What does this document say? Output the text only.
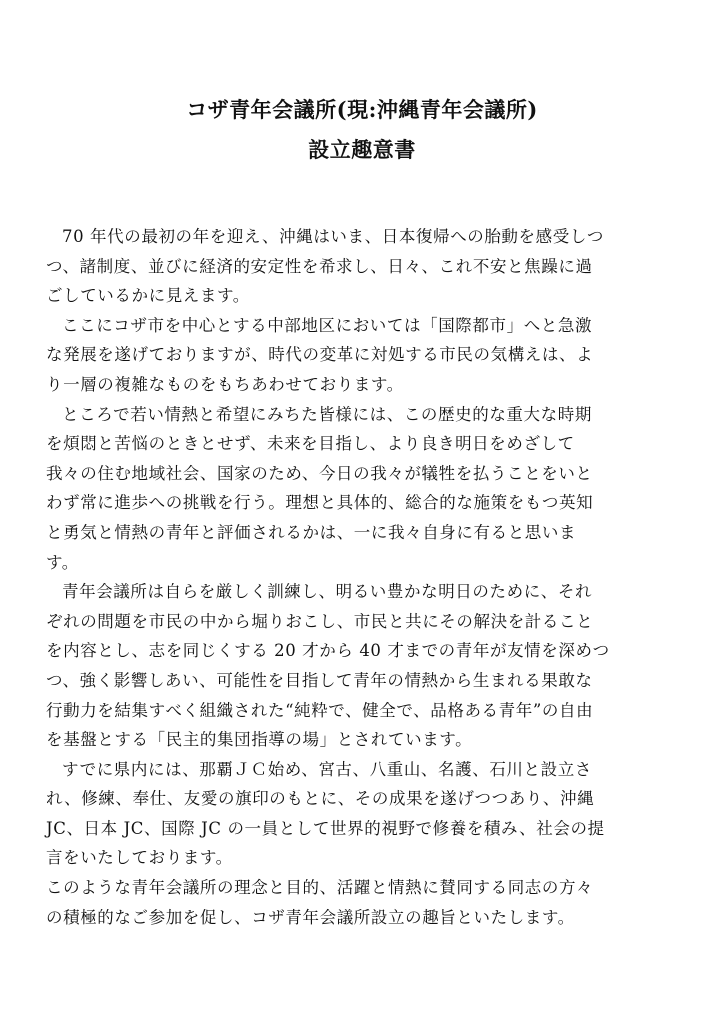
コザ青年会議所(現:沖縄青年会議所)
設立趣意書
70 年代の最初の年を迎え、沖縄はいま、日本復帰への胎動を感受しつ
つ、諸制度、並びに経済的安定性を希求し、日々、これ不安と焦躁に過
ごしているかに見えます。
ここにコザ市を中心とする中部地区においては「国際都市」へと急激
な発展を遂げておりますが、時代の変革に対処する市民の気構えは、よ
り一層の複雑なものをもちあわせております。
ところで若い情熱と希望にみちた皆様には、この歴史的な重大な時期
を煩悶と苦悩のときとせず、未来を目指し、より良き明日をめざして
我々の住む地域社会、国家のため、今日の我々が犠牲を払うことをいと
わず常に進歩への挑戦を行う。理想と具体的、総合的な施策をもつ英知
と勇気と情熱の青年と評価されるかは、一に我々自身に有ると思いま
す。
青年会議所は自らを厳しく訓練し、明るい豊かな明日のために、それ
ぞれの問題を市民の中から堀りおこし、市民と共にその解決を計ること
を内容とし、志を同じくする 20 才から 40 才までの青年が友情を深めつ
つ、強く影響しあい、可能性を目指して青年の情熱から生まれる果敢な
行動力を結集すべく組織された“純粋で、健全で、品格ある青年”の自由
を基盤とする「民主的集団指導の場」とされています。
すでに県内には、那覇ＪＣ始め、宮古、八重山、名護、石川と設立さ
れ、修練、奉仕、友愛の旗印のもとに、その成果を遂げつつあり、沖縄
JC、日本 JC、国際 JC の一員として世界的視野で修養を積み、社会の提
言をいたしております。
このような青年会議所の理念と目的、活躍と情熱に賛同する同志の方々
の積極的なご参加を促し、コザ青年会議所設立の趣旨といたします。
